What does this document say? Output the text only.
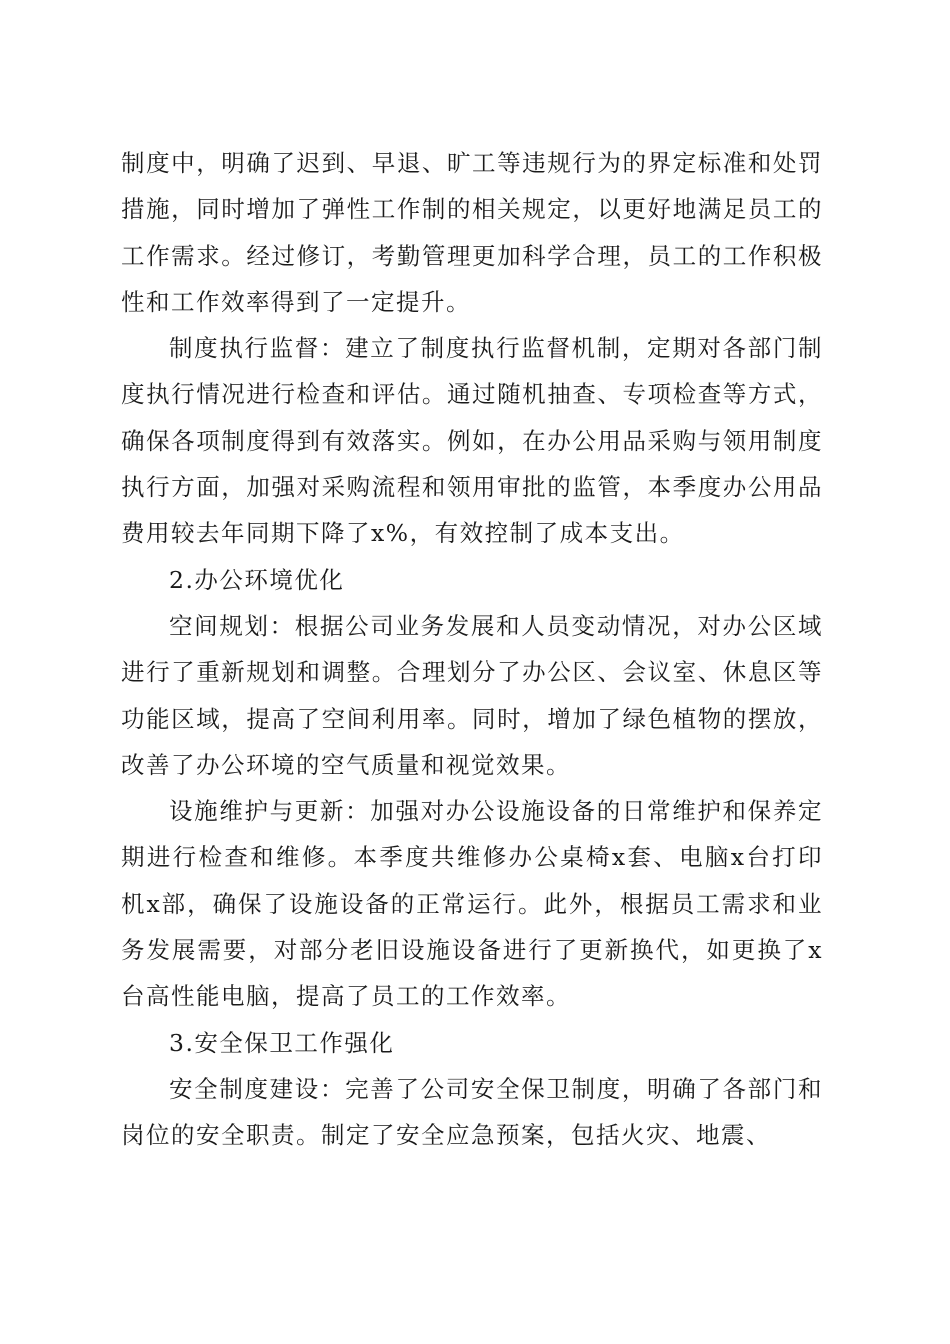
制度中，明确了迟到、早退、旷工等违规行为的界定标准和处罚措施，同时增加了弹性工作制的相关规定，以更好地满足员工的工作需求。经过修订，考勤管理更加科学合理，员工的工作积极性和工作效率得到了一定提升。

制度执行监督：建立了制度执行监督机制，定期对各部门制度执行情况进行检查和评估。通过随机抽查、专项检查等方式，确保各项制度得到有效落实。例如，在办公用品采购与领用制度执行方面，加强对采购流程和领用审批的监管，本季度办公用品费用较去年同期下降了x%，有效控制了成本支出。

2.办公环境优化

空间规划：根据公司业务发展和人员变动情况，对办公区域进行了重新规划和调整。合理划分了办公区、会议室、休息区等功能区域，提高了空间利用率。同时，增加了绿色植物的摆放，改善了办公环境的空气质量和视觉效果。

设施维护与更新：加强对办公设施设备的日常维护和保养定期进行检查和维修。本季度共维修办公桌椅x套、电脑x台打印机x部，确保了设施设备的正常运行。此外，根据员工需求和业务发展需要，对部分老旧设施设备进行了更新换代，如更换了x台高性能电脑，提高了员工的工作效率。

3.安全保卫工作强化

安全制度建设：完善了公司安全保卫制度，明确了各部门和岗位的安全职责。制定了安全应急预案，包括火灾、地震、
